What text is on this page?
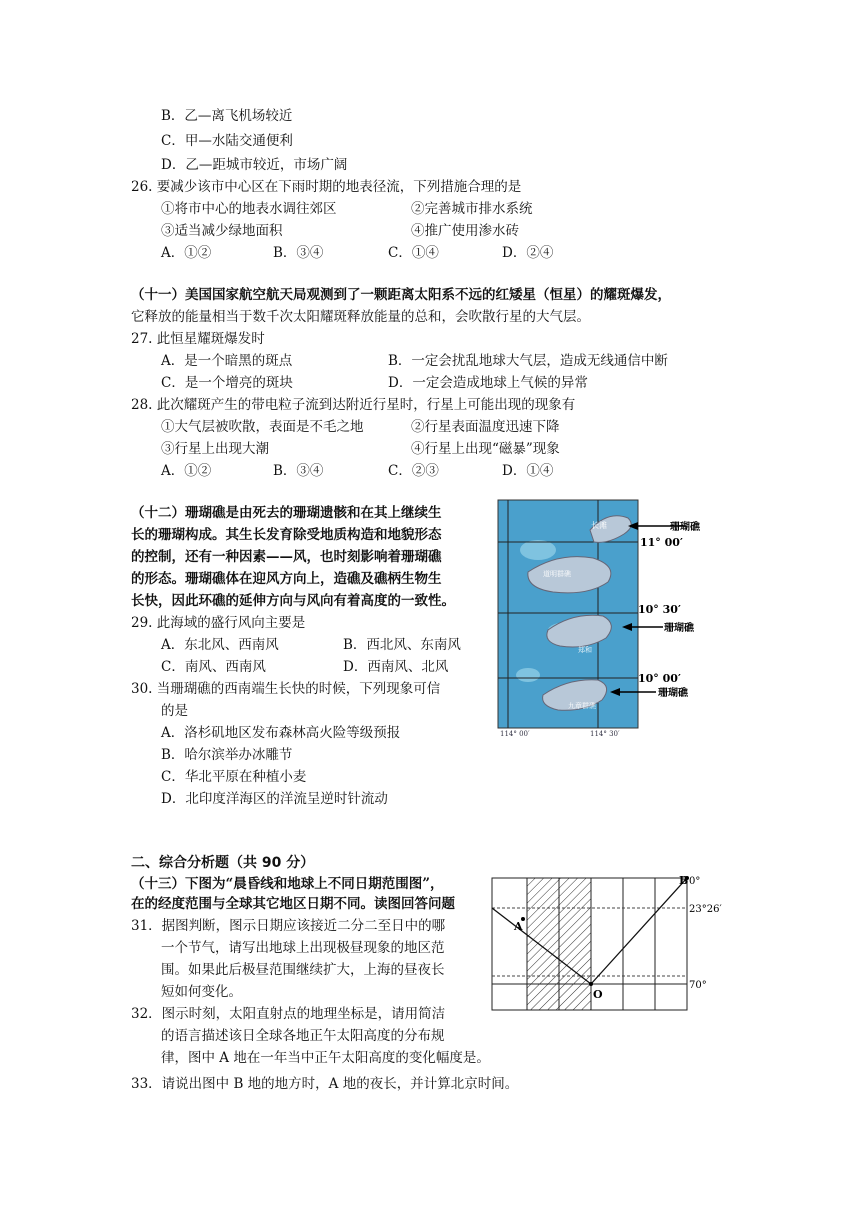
B．乙—离飞机场较近
C．甲—水陆交通便利
D．乙—距城市较近，市场广阔
26. 要减少该市中心区在下雨时期的地表径流，下列措施合理的是
①将市中心的地表水调往郊区	②完善城市排水系统
③适当减少绿地面积	④推广使用渗水砖
A．①②	B．③④	C．①④	D．②④
（十一）美国国家航空航天局观测到了一颗距离太阳系不远的红矮星（恒星）的耀斑爆发，
它释放的能量相当于数千次太阳耀斑释放能量的总和，会吹散行星的大气层。
27. 此恒星耀斑爆发时
A．是一个暗黑的斑点	B．一定会扰乱地球大气层，造成无线通信中断
C．是一个增亮的斑块	D．一定会造成地球上气候的异常
28. 此次耀斑产生的带电粒子流到达附近行星时，行星上可能出现的现象有
①大气层被吹散，表面是不毛之地	②行星表面温度迅速下降
③行星上出现大潮	④行星上出现“磁暴”现象
A．①②	B．③④	C．②③	D．①④
（十二）珊瑚礁是由死去的珊瑚遗骸和在其上继续生
长的珊瑚构成。其生长发育除受地质构造和地貌形态
的控制，还有一种因素——风，也时刻影响着珊瑚礁
的形态。珊瑚礁体在迎风方向上，造礁及礁柄生物生
长快，因此环礁的延伸方向与风向有着高度的一致性。
29. 此海域的盛行风向主要是
A．东北风、西南风	B．西北风、东南风
C．南风、西南风	D．西南风、北风
30. 当珊瑚礁的西南端生长快的时候，下列现象可信
的是
A．洛杉矶地区发布森林高火险等级预报
B．哈尔滨举办冰雕节
C．华北平原在种植小麦
D．北印度洋海区的洋流呈逆时针流动
长滩
道明群礁
郑和
九章群礁
珊瑚礁
珊瑚礁
珊瑚礁
11° 00′
10° 30′
10° 00′
114° 00′	114° 30′
二、综合分析题（共 90 分）
（十三）下图为“晨昏线和地球上不同日期范围图”，
在的经度范围与全球其它地区日期不同。读图回答问题
31．据图判断，图示日期应该接近二分二至日中的哪
一个节气，请写出地球上出现极昼现象的地区范
围。如果此后极昼范围继续扩大，上海的昼夜长
短如何变化。
32．图示时刻，太阳直射点的地理坐标是，请用简洁
的语言描述该日全球各地正午太阳高度的分布规
律，图中 A 地在一年当中正午太阳高度的变化幅度是。
33．请说出图中 B 地的地方时，A 地的夜长，并计算北京时间。
A
B
O
0°
23°26′
70°
